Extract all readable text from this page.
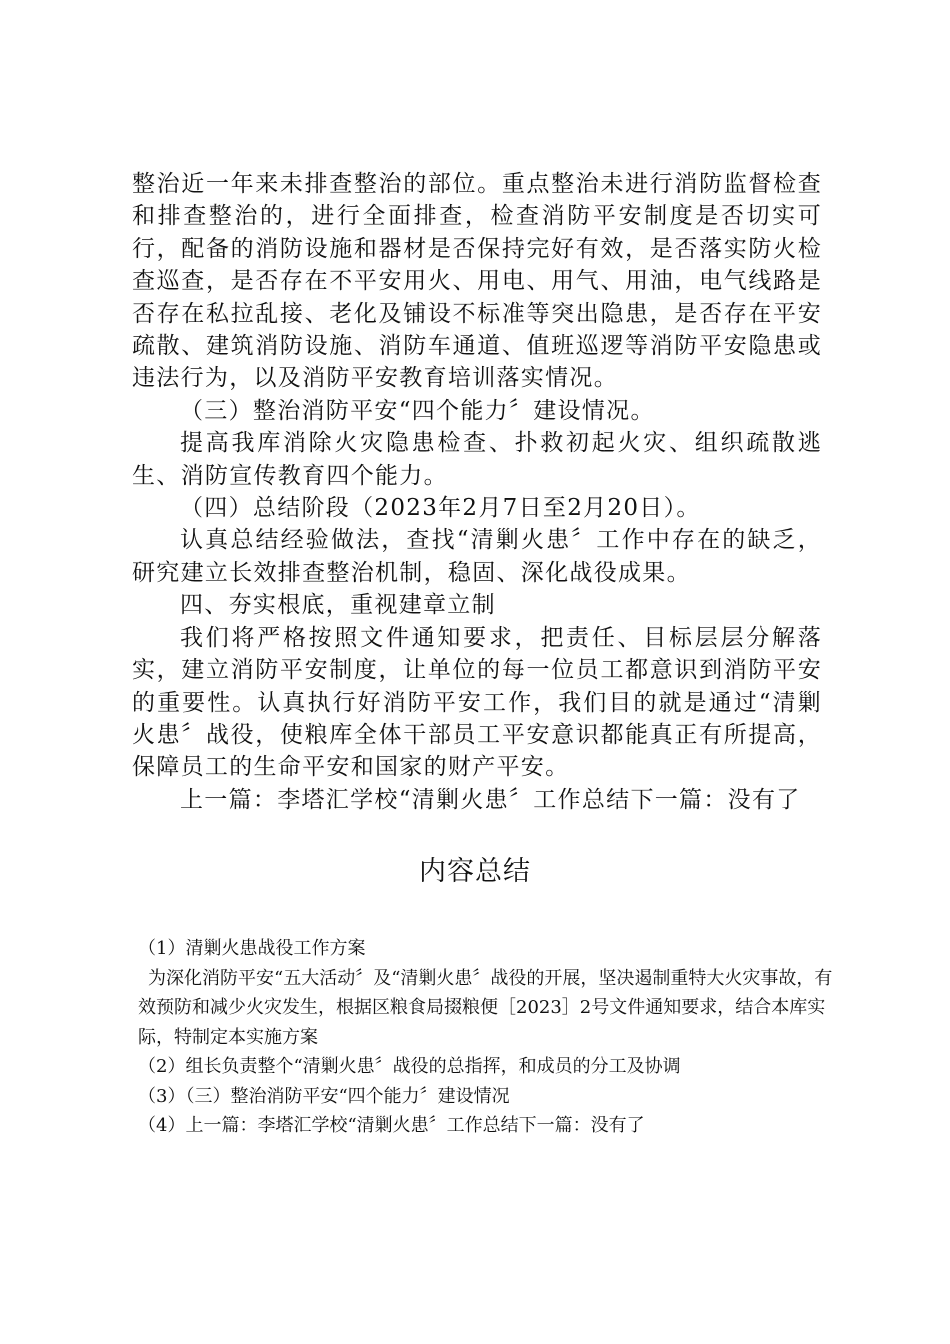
整治近一年来未排查整治的部位。重点整治未进行消防监督检查和排查整治的，进行全面排查，检查消防平安制度是否切实可行，配备的消防设施和器材是否保持完好有效，是否落实防火检查巡查，是否存在不平安用火、用电、用气、用油，电气线路是否存在私拉乱接、老化及铺设不标准等突出隐患，是否存在平安疏散、建筑消防设施、消防车通道、值班巡逻等消防平安隐患或违法行为，以及消防平安教育培训落实情况。

（三）整治消防平安“四个能力〞建设情况。

提高我库消除火灾隐患检查、扑救初起火灾、组织疏散逃生、消防宣传教育四个能力。

（四）总结阶段（2023年2月7日至2月20日）。

认真总结经验做法，查找“清剿火患〞工作中存在的缺乏，研究建立长效排查整治机制，稳固、深化战役成果。

四、夯实根底，重视建章立制

我们将严格按照文件通知要求，把责任、目标层层分解落实，建立消防平安制度，让单位的每一位员工都意识到消防平安的重要性。认真执行好消防平安工作，我们目的就是通过“清剿火患〞战役，使粮库全体干部员工平安意识都能真正有所提高，保障员工的生命平安和国家的财产平安。

上一篇：李塔汇学校“清剿火患〞工作总结下一篇：没有了

内容总结

（1）清剿火患战役工作方案

为深化消防平安“五大活动〞及“清剿火患〞战役的开展，坚决遏制重特大火灾事故，有效预防和减少火灾发生，根据区粮食局掇粮便［2023］2号文件通知要求，结合本库实际，特制定本实施方案

（2）组长负责整个“清剿火患〞战役的总指挥，和成员的分工及协调

（3）（三）整治消防平安“四个能力〞建设情况

（4）上一篇：李塔汇学校“清剿火患〞工作总结下一篇：没有了
